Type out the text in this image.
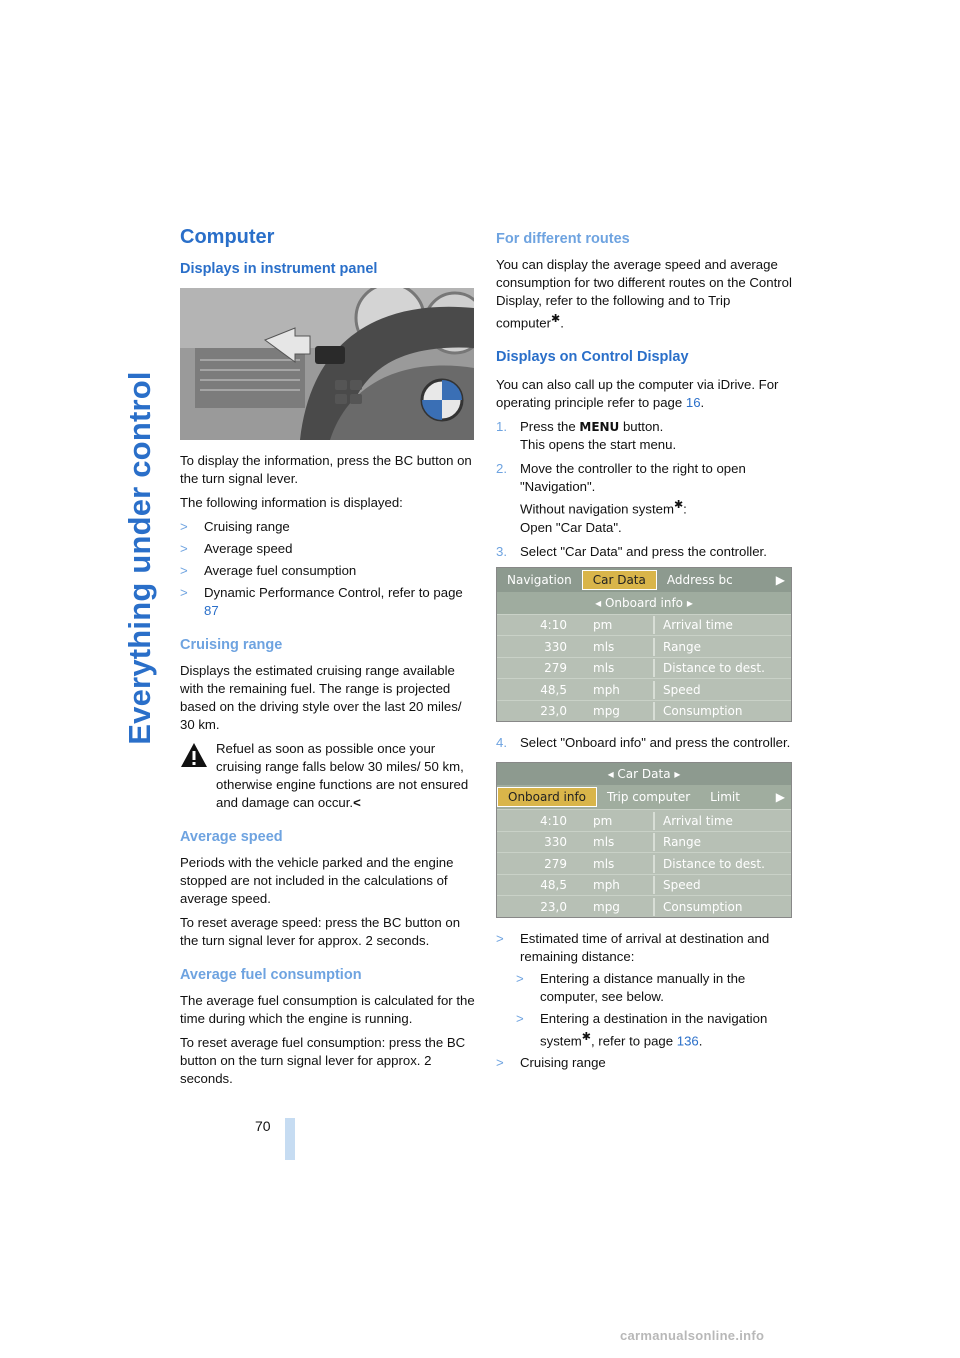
Everything under control
Computer
Displays in instrument panel

To display the information, press the BC button on the turn signal lever.

The following information is displayed:

> Cruising range
> Average speed
> Average fuel consumption
> Dynamic Performance Control, refer to page 87
Cruising range

Displays the estimated cruising range available with the remaining fuel. The range is projected based on the driving style over the last 20 miles/ 30 km.

Refuel as soon as possible once your cruising range falls below 30 miles/ 50 km, otherwise engine functions are not ensured and damage can occur.<
Average speed

Periods with the vehicle parked and the engine stopped are not included in the calculations of average speed.

To reset average speed: press the BC button on the turn signal lever for approx. 2 seconds.

Average fuel consumption

The average fuel consumption is calculated for the time during which the engine is running.

To reset average fuel consumption: press the BC button on the turn signal lever for approx. 2 seconds.

For different routes

You can display the average speed and average consumption for two different routes on the Control Display, refer to the following and to Trip computer✱.

Displays on Control Display

You can also call up the computer via iDrive. For operating principle refer to page 16.

1. Press the MENU button.
This opens the start menu.
2. Move the controller to the right to open "Navigation".
Without navigation system✱:
Open "Car Data".
3. Select "Car Data" and press the controller.
Navigation	Car Data	Address bc	▶
◂ Onboard info ▸
4:10	pm	Arrival time
330	mls	Range
279	mls	Distance to dest.
48,5	mph	Speed
23,0	mpg	Consumption
4. Select "Onboard info" and press the controller.
◂ Car Data ▸
Onboard info	Trip computer	Limit	▶
4:10	pm	Arrival time
330	mls	Range
279	mls	Distance to dest.
48,5	mph	Speed
23,0	mpg	Consumption
> Estimated time of arrival at destination and remaining distance:
> Entering a distance manually in the computer, see below.
> Entering a destination in the navigation system✱, refer to page 136.
> Cruising range
70
carmanualsonline.info
